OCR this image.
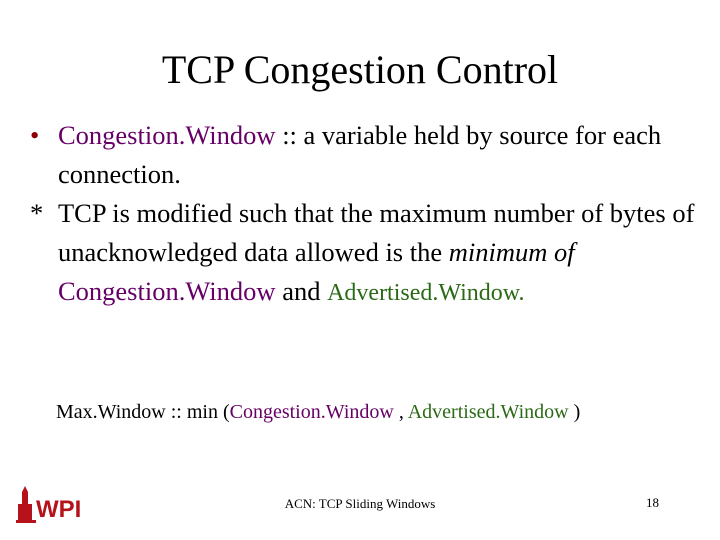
TCP Congestion Control
• Congestion.Window :: a variable held by source for each connection.
* TCP is modified such that the maximum number of bytes of unacknowledged data allowed is the minimum of Congestion.Window and Advertised.Window.
Max.Window :: min (Congestion.Window , Advertised.Window )
WPI	ACN: TCP Sliding Windows	18
